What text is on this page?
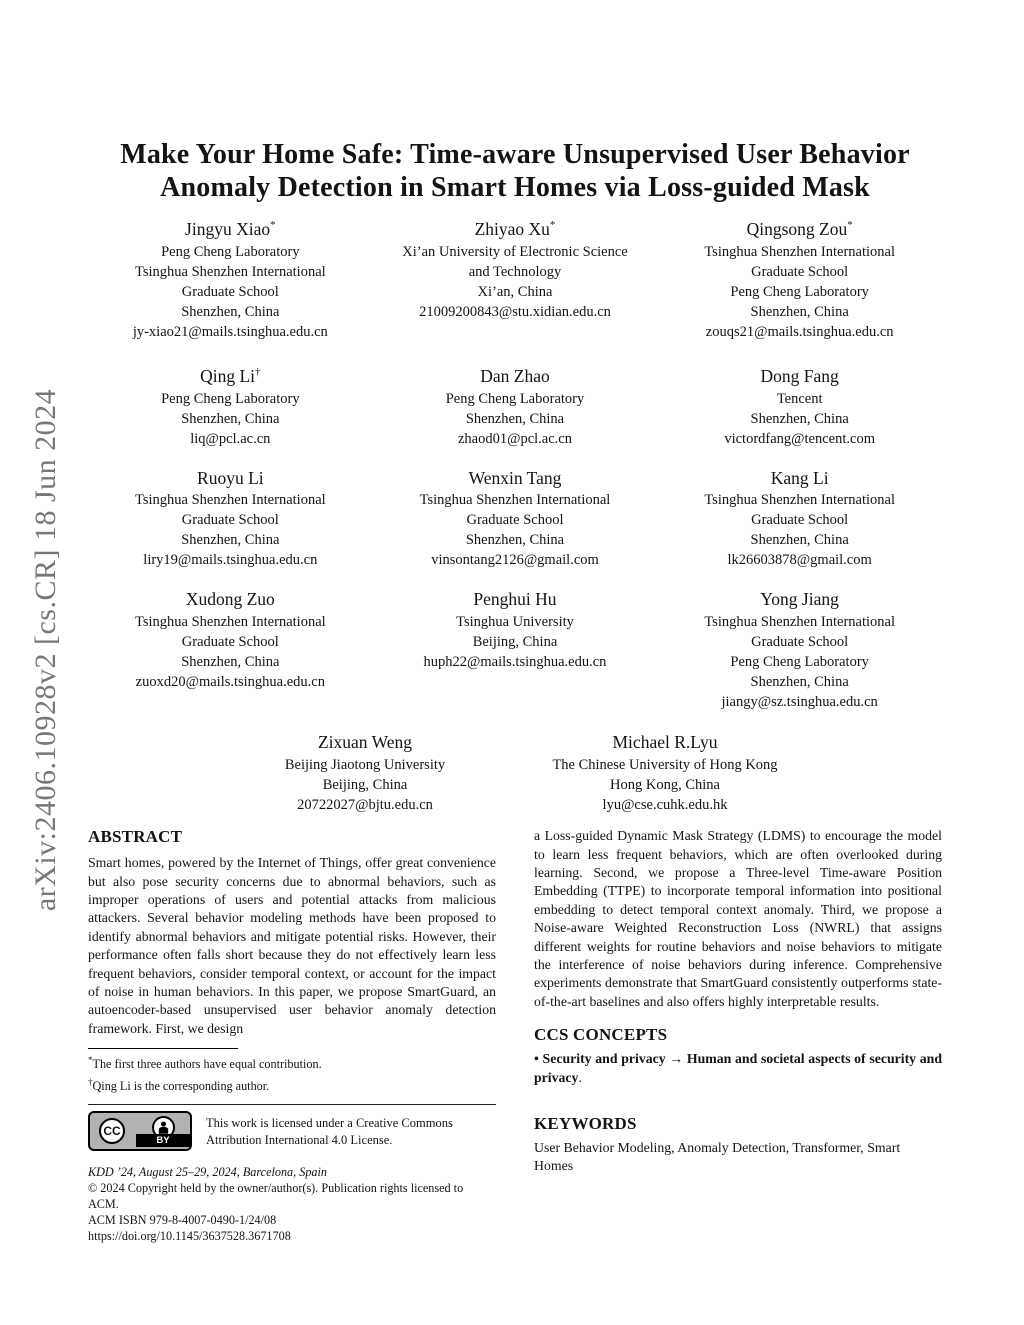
arXiv:2406.10928v2 [cs.CR] 18 Jun 2024
Make Your Home Safe: Time-aware Unsupervised User Behavior
Anomaly Detection in Smart Homes via Loss-guided Mask
Jingyu Xiao*
Peng Cheng Laboratory
Tsinghua Shenzhen International
Graduate School
Shenzhen, China
jy-xiao21@mails.tsinghua.edu.cn
Zhiyao Xu*
Xi’an University of Electronic Science
and Technology
Xi’an, China
21009200843@stu.xidian.edu.cn
Qingsong Zou*
Tsinghua Shenzhen International
Graduate School
Peng Cheng Laboratory
Shenzhen, China
zouqs21@mails.tsinghua.edu.cn
Qing Li†
Peng Cheng Laboratory
Shenzhen, China
liq@pcl.ac.cn
Dan Zhao
Peng Cheng Laboratory
Shenzhen, China
zhaod01@pcl.ac.cn
Dong Fang
Tencent
Shenzhen, China
victordfang@tencent.com
Ruoyu Li
Tsinghua Shenzhen International
Graduate School
Shenzhen, China
liry19@mails.tsinghua.edu.cn
Wenxin Tang
Tsinghua Shenzhen International
Graduate School
Shenzhen, China
vinsontang2126@gmail.com
Kang Li
Tsinghua Shenzhen International
Graduate School
Shenzhen, China
lk26603878@gmail.com
Xudong Zuo
Tsinghua Shenzhen International
Graduate School
Shenzhen, China
zuoxd20@mails.tsinghua.edu.cn
Penghui Hu
Tsinghua University
Beijing, China
huph22@mails.tsinghua.edu.cn
Yong Jiang
Tsinghua Shenzhen International
Graduate School
Peng Cheng Laboratory
Shenzhen, China
jiangy@sz.tsinghua.edu.cn
Zixuan Weng
Beijing Jiaotong University
Beijing, China
20722027@bjtu.edu.cn
Michael R.Lyu
The Chinese University of Hong Kong
Hong Kong, China
lyu@cse.cuhk.edu.hk
ABSTRACT

Smart homes, powered by the Internet of Things, offer great convenience but also pose security concerns due to abnormal behaviors, such as improper operations of users and potential attacks from malicious attackers. Several behavior modeling methods have been proposed to identify abnormal behaviors and mitigate potential risks. However, their performance often falls short because they do not effectively learn less frequent behaviors, consider temporal context, or account for the impact of noise in human behaviors. In this paper, we propose SmartGuard, an autoencoder-based unsupervised user behavior anomaly detection framework. First, we design

*The first three authors have equal contribution.
†Qing Li is the corresponding author.
CC
BY
This work is licensed under a Creative Commons Attribution International 4.0 License.
KDD ’24, August 25–29, 2024, Barcelona, Spain
© 2024 Copyright held by the owner/author(s). Publication rights licensed to ACM.
ACM ISBN 979-8-4007-0490-1/24/08
https://doi.org/10.1145/3637528.3671708

a Loss-guided Dynamic Mask Strategy (LDMS) to encourage the model to learn less frequent behaviors, which are often overlooked during learning. Second, we propose a Three-level Time-aware Position Embedding (TTPE) to incorporate temporal information into positional embedding to detect temporal context anomaly. Third, we propose a Noise-aware Weighted Reconstruction Loss (NWRL) that assigns different weights for routine behaviors and noise behaviors to mitigate the interference of noise behaviors during inference. Comprehensive experiments demonstrate that SmartGuard consistently outperforms state-of-the-art baselines and also offers highly interpretable results.

CCS CONCEPTS

• Security and privacy → Human and societal aspects of security and privacy.

KEYWORDS

User Behavior Modeling, Anomaly Detection, Transformer, Smart Homes
